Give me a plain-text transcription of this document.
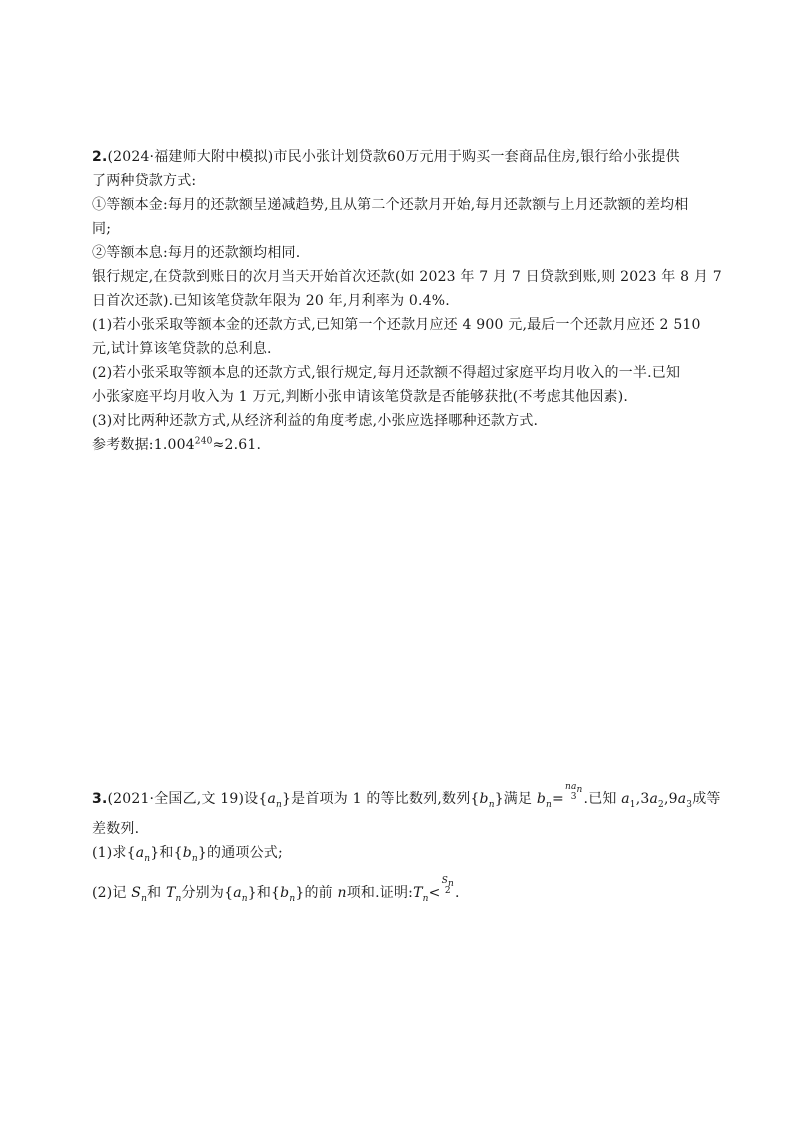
2.(2024·福建师大附中模拟)市民小张计划贷款60万元用于购买一套商品住房,银行给小张提供
了两种贷款方式:
①等额本金:每月的还款额呈递减趋势,且从第二个还款月开始,每月还款额与上月还款额的差均相
同;
②等额本息:每月的还款额均相同.
银行规定,在贷款到账日的次月当天开始首次还款(如 2023 年 7 月 7 日贷款到账,则 2023 年 8 月 7
日首次还款).已知该笔贷款年限为 20 年,月利率为 0.4%.
(1)若小张采取等额本金的还款方式,已知第一个还款月应还 4 900 元,最后一个还款月应还 2 510
元,试计算该笔贷款的总利息.
(2)若小张采取等额本息的还款方式,银行规定,每月还款额不得超过家庭平均月收入的一半.已知
小张家庭平均月收入为 1 万元,判断小张申请该笔贷款是否能够获批(不考虑其他因素).
(3)对比两种还款方式,从经济利益的角度考虑,小张应选择哪种还款方式.
参考数据$:1.004^{240}\approx 2.61$.
3.(2021·全国乙,文 19)设$\{a_n\}$是首项为 1 的等比数列,数列$\{b_n\}$满足 $b_n=$
$na_n$
3 .已知 $a_1,3a_2,9a_3$成等
差数列.
(1)求$\{a_n\}$和$\{b_n\}$的通项公式;
(2)记 $S_n$和 $T_n$分别为$\{a_n\}$和$\{b_n\}$的前 n项和.证明$:T_n<$
$S_n$
2 .
